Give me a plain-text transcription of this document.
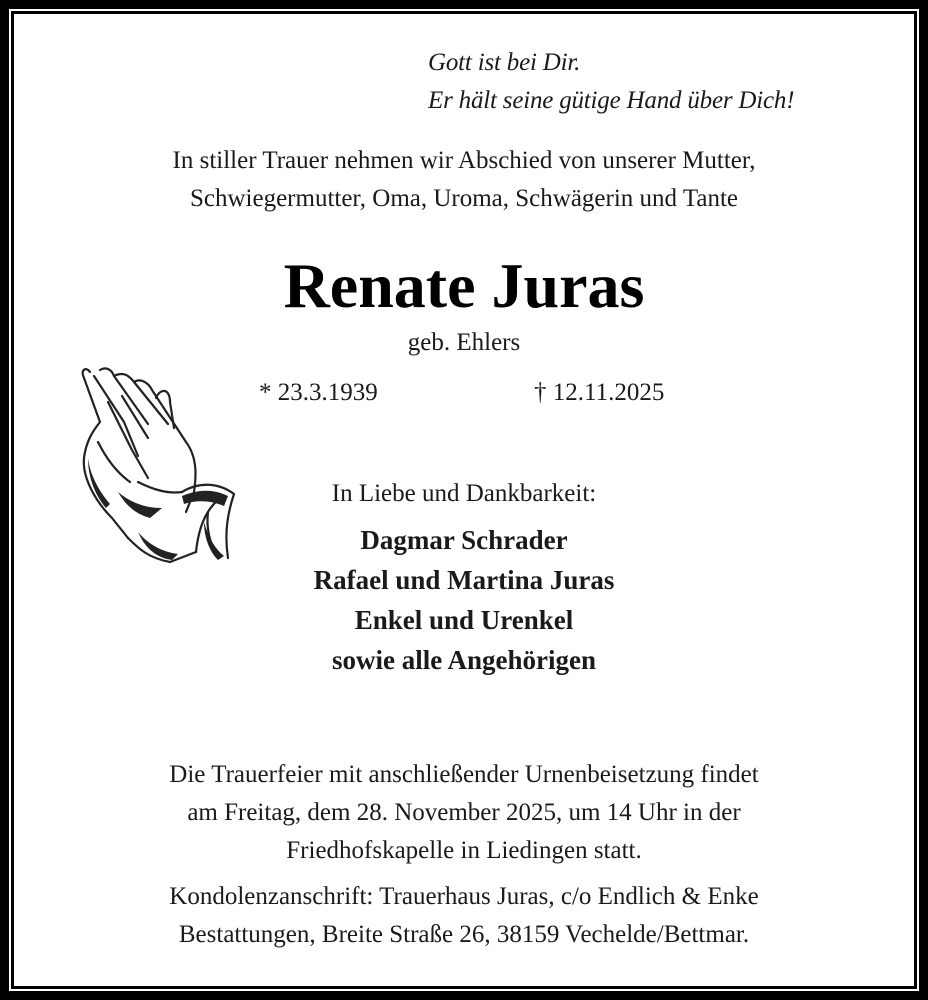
Gott ist bei Dir.
Er hält seine gütige Hand über Dich!
In stiller Trauer nehmen wir Abschied von unserer Mutter,
Schwiegermutter, Oma, Uroma, Schwägerin und Tante
Renate Juras
geb. Ehlers
* 23.3.1939	† 12.11.2025
In Liebe und Dankbarkeit:
Dagmar Schrader
Rafael und Martina Juras
Enkel und Urenkel
sowie alle Angehörigen
Die Trauerfeier mit anschließender Urnenbeisetzung findet
am Freitag, dem 28. November 2025, um 14 Uhr in der
Friedhofskapelle in Liedingen statt.
Kondolenzanschrift: Trauerhaus Juras, c/o Endlich & Enke
Bestattungen, Breite Straße 26, 38159 Vechelde/Bettmar.
